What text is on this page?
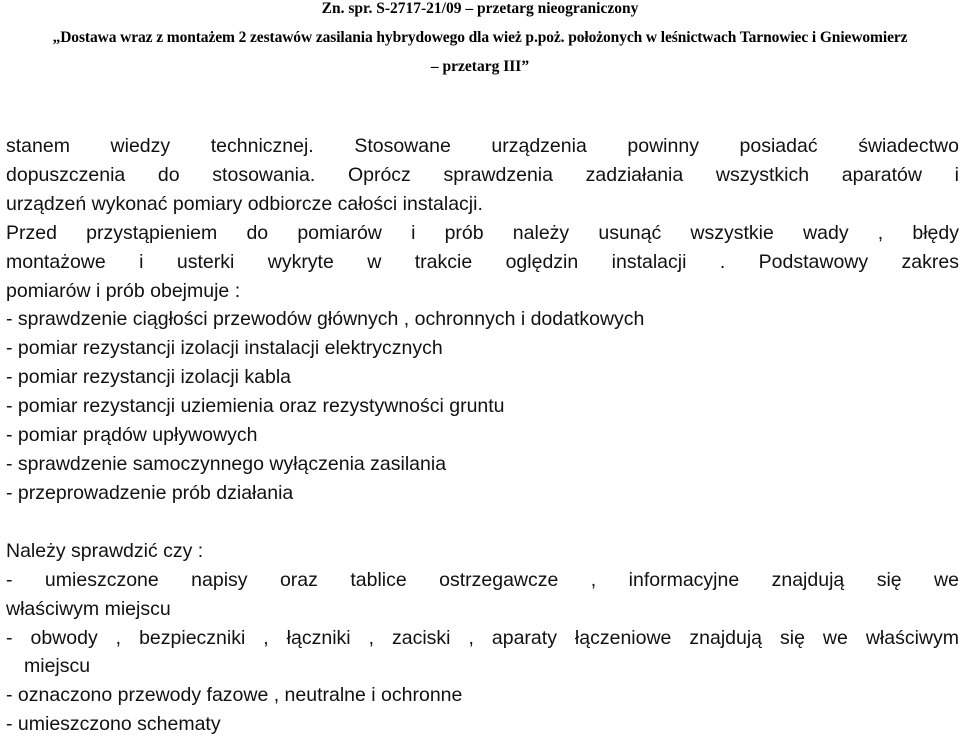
Zn. spr. S-2717-21/09 – przetarg nieograniczony
„Dostawa wraz z montażem 2 zestawów zasilania hybrydowego dla wież p.poż. położonych w leśnictwach Tarnowiec i Gniewomierz
– przetarg III”
stanem wiedzy technicznej. Stosowane urządzenia powinny posiadać świadectwo
dopuszczenia do stosowania. Oprócz sprawdzenia zadziałania wszystkich aparatów i
urządzeń wykonać pomiary odbiorcze całości instalacji.
Przed przystąpieniem do pomiarów i prób należy usunąć wszystkie wady , błędy
montażowe i usterki wykryte w trakcie oględzin instalacji . Podstawowy zakres
pomiarów i prób obejmuje :
- sprawdzenie ciągłości przewodów głównych , ochronnych i dodatkowych
- pomiar rezystancji izolacji instalacji elektrycznych
- pomiar rezystancji izolacji kabla
- pomiar rezystancji uziemienia oraz rezystywności gruntu
- pomiar prądów upływowych
- sprawdzenie samoczynnego wyłączenia zasilania
- przeprowadzenie prób działania
Należy sprawdzić czy :
- umieszczone napisy oraz tablice ostrzegawcze , informacyjne znajdują się we
właściwym miejscu
- obwody , bezpieczniki , łączniki , zaciski , aparaty łączeniowe znajdują się we właściwym
miejscu
- oznaczono przewody fazowe , neutralne i ochronne
- umieszczono schematy
